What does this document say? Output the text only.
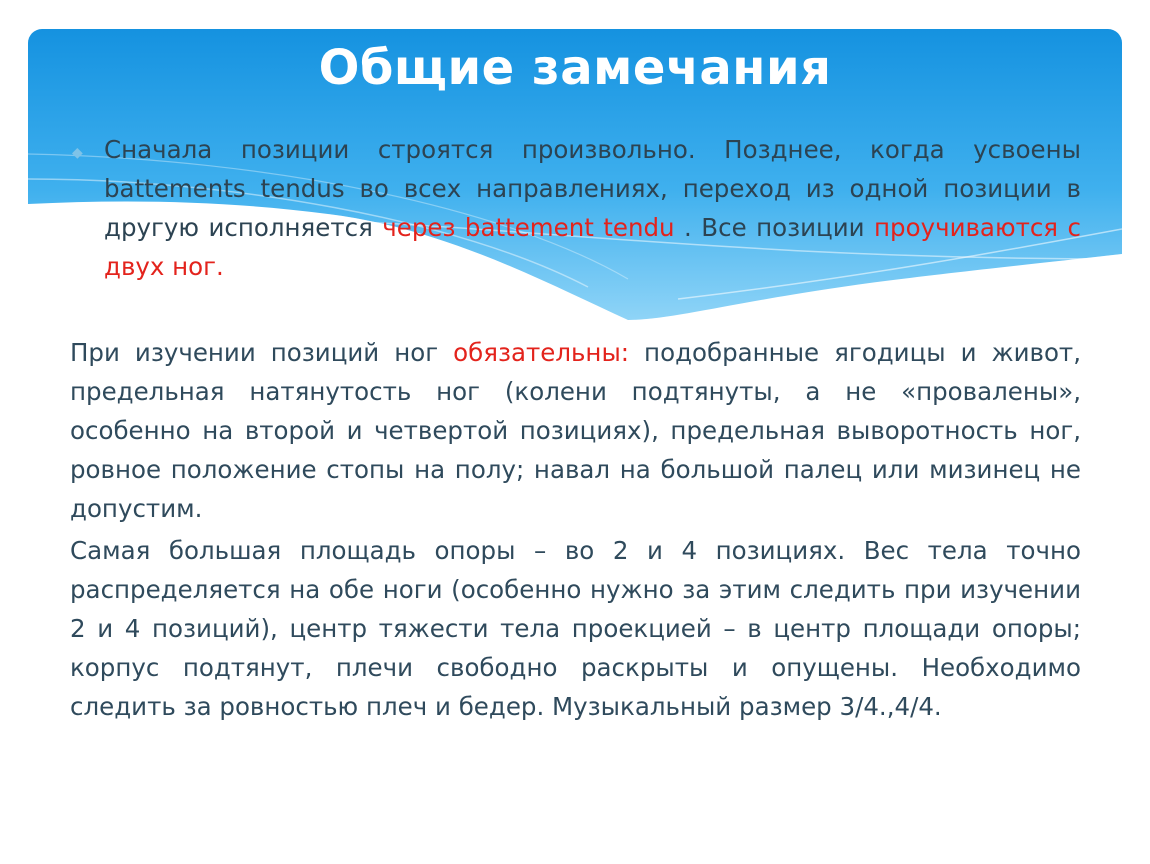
Общие замечания
◆ Сначала позиции строятся произвольно. Позднее, когда усвоены battements tendus во всех направлениях, переход из одной позиции в другую исполняется через battement tendu . Все позиции проучиваются с двух ног.

При изучении позиций ног обязательны: подобранные ягодицы и живот, предельная натянутость ног (колени подтянуты, а не «провалены», особенно на второй и четвертой позициях), предельная выворотность ног, ровное положение стопы на полу; навал на большой палец или мизинец не допустим.

Самая большая площадь опоры – во 2 и 4 позициях. Вес тела точно распределяется на обе ноги (особенно нужно за этим следить при изучении 2 и 4 позиций), центр тяжести тела проекцией – в центр площади опоры; корпус подтянут, плечи свободно раскрыты и опущены. Необходимо следить за ровностью плеч и бедер. Музыкальный размер 3/4.,4/4.
